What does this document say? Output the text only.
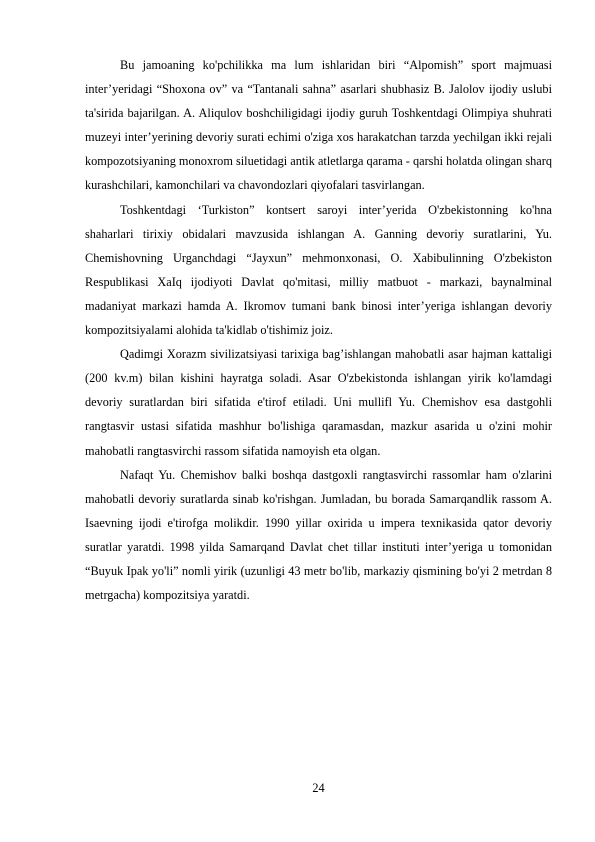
Bu jamoaning ko'pchilikka ma lum ishlaridan biri “Alpomish” sport majmuasi inter’yeridagi “Shoxona ov” va “Tantanali sahna” asarlari shubhasiz B. Jalolov ijodiy uslubi ta'sirida bajarilgan. A. Aliqulov boshchiligidagi ijodiy guruh Toshkentdagi Olimpiya shuhrati muzeyi inter’yerining devoriy surati echimi o'ziga xos harakatchan tarzda yechilgan ikki rejali kompozotsiyaning monoxrom siluetidagi antik atletlarga qarama - qarshi holatda olingan sharq kurashchilari, kamonchilari va chavondozlari qiyofalari tasvirlangan.

Toshkentdagi ‘Turkiston” kontsert saroyi inter’yerida O'zbekistonning ko'hna shaharlari tirixiy obidalari mavzusida ishlangan A. Ganning devoriy suratlarini, Yu. Chemishovning Urganchdagi “Jayxun” mehmonxonasi, O. Xabibulinning O'zbekiston Respublikasi XaIq ijodiyoti Davlat qo'mitasi, milliy matbuot - markazi, baynalminal madaniyat markazi hamda A. Ikromov tumani bank binosi inter’yeriga ishlangan devoriy kompozitsiyalami alohida ta'kidlab o'tishimiz joiz.

Qadimgi Xorazm sivilizatsiyasi tarixiga bag’ishlangan mahobatli asar hajman kattaligi (200 kv.m) bilan kishini hayratga soladi. Asar O'zbekistonda ishlangan yirik ko'lamdagi devoriy suratlardan biri sifatida e'tirof etiladi. Uni mullifl Yu. Chemishov esa dastgohli rangtasvir ustasi sifatida mashhur bo'lishiga qaramasdan, mazkur asarida u o'zini mohir mahobatli rangtasvirchi rassom sifatida namoyish eta olgan.

Nafaqt Yu. Chemishov balki boshqa dastgoxli rangtasvirchi rassomlar ham o'zlarini mahobatli devoriy suratlarda sinab ko'rishgan. Jumladan, bu borada Samarqandlik rassom A. Isaevning ijodi e'tirofga molikdir. 1990 yillar oxirida u impera texnikasida qator devoriy suratlar yaratdi. 1998 yilda Samarqand Davlat chet tillar instituti inter’yeriga u tomonidan “Buyuk Ipak yo'li” nomli yirik (uzunligi 43 metr bo'lib, markaziy qismining bo'yi 2 metrdan 8 metrgacha) kompozitsiya yaratdi.

24
